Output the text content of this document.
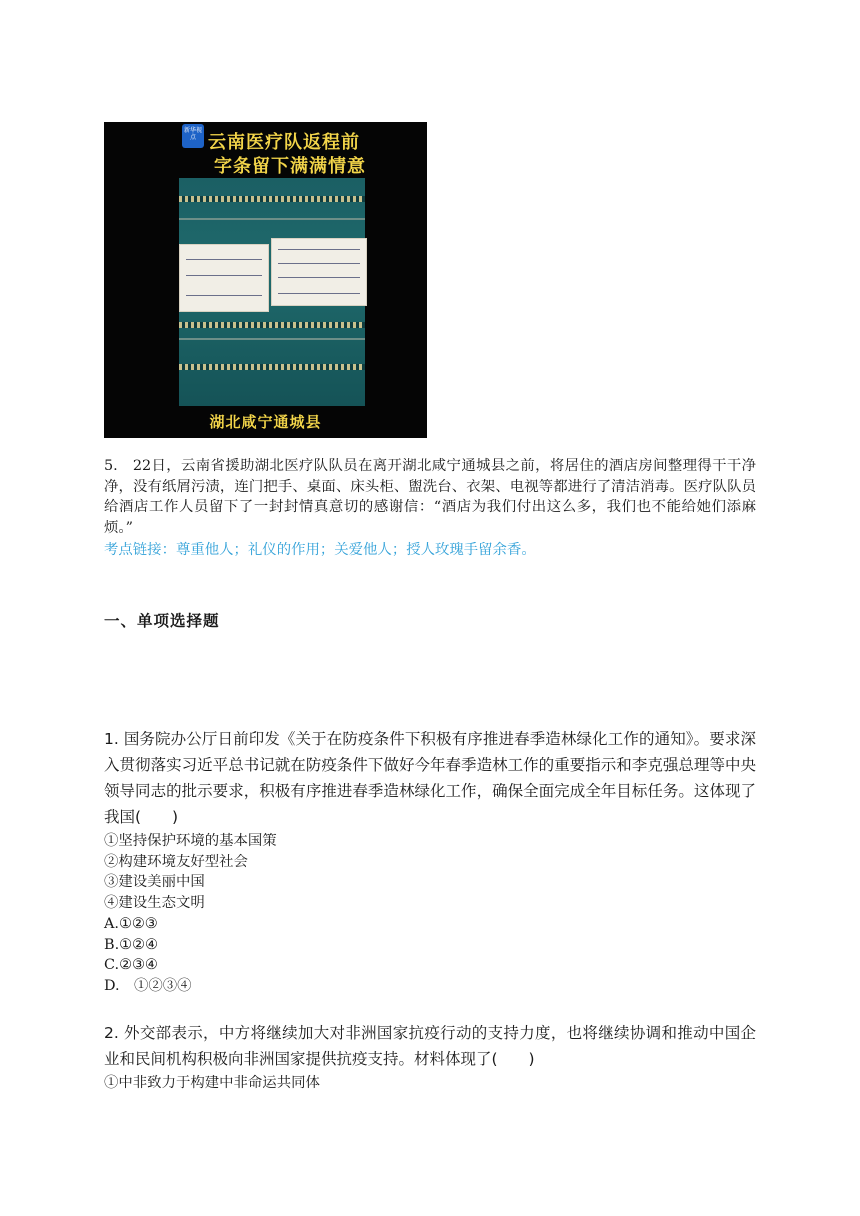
新华视点 云南医疗队返程前
字条留下满满情意
湖北咸宁通城县

5.　22日，云南省援助湖北医疗队队员在离开湖北咸宁通城县之前，将居住的酒店房间整理得干干净净，没有纸屑污渍，连门把手、桌面、床头柜、盥洗台、衣架、电视等都进行了清洁消毒。医疗队队员给酒店工作人员留下了一封封情真意切的感谢信：“酒店为我们付出这么多，我们也不能给她们添麻烦。”

考点链接：尊重他人；礼仪的作用；关爱他人；授人玫瑰手留余香。

一、单项选择题

1. 国务院办公厅日前印发《关于在防疫条件下积极有序推进春季造林绿化工作的通知》。要求深入贯彻落实习近平总书记就在防疫条件下做好今年春季造林工作的重要指示和李克强总理等中央领导同志的批示要求，积极有序推进春季造林绿化工作，确保全面完成全年目标任务。这体现了我国(　　)

①坚持保护环境的基本国策
②构建环境友好型社会
③建设美丽中国
④建设生态文明
A.①②③
B.①②④
C.②③④
D.　①②③④

2. 外交部表示，中方将继续加大对非洲国家抗疫行动的支持力度，也将继续协调和推动中国企业和民间机构积极向非洲国家提供抗疫支持。材料体现了(　　)

①中非致力于构建中非命运共同体
